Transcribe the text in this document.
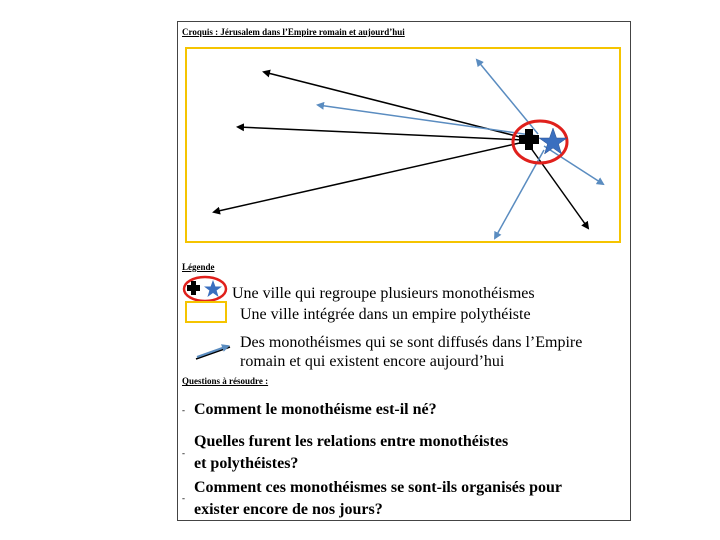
Croquis : Jérusalem dans l’Empire romain et aujourd’hui
Légende
Une ville qui regroupe plusieurs monothéismes
Une ville intégrée dans un empire polythéiste
Des monothéismes qui se sont diffusés dans l’Empire
romain et qui existent encore aujourd’hui
Questions à résoudre :
- Comment le monothéisme est-il né?
-
Quelles furent les relations entre monothéistes
et polythéistes?
-
Comment ces monothéismes se sont-ils organisés pour
exister encore de nos jours?
